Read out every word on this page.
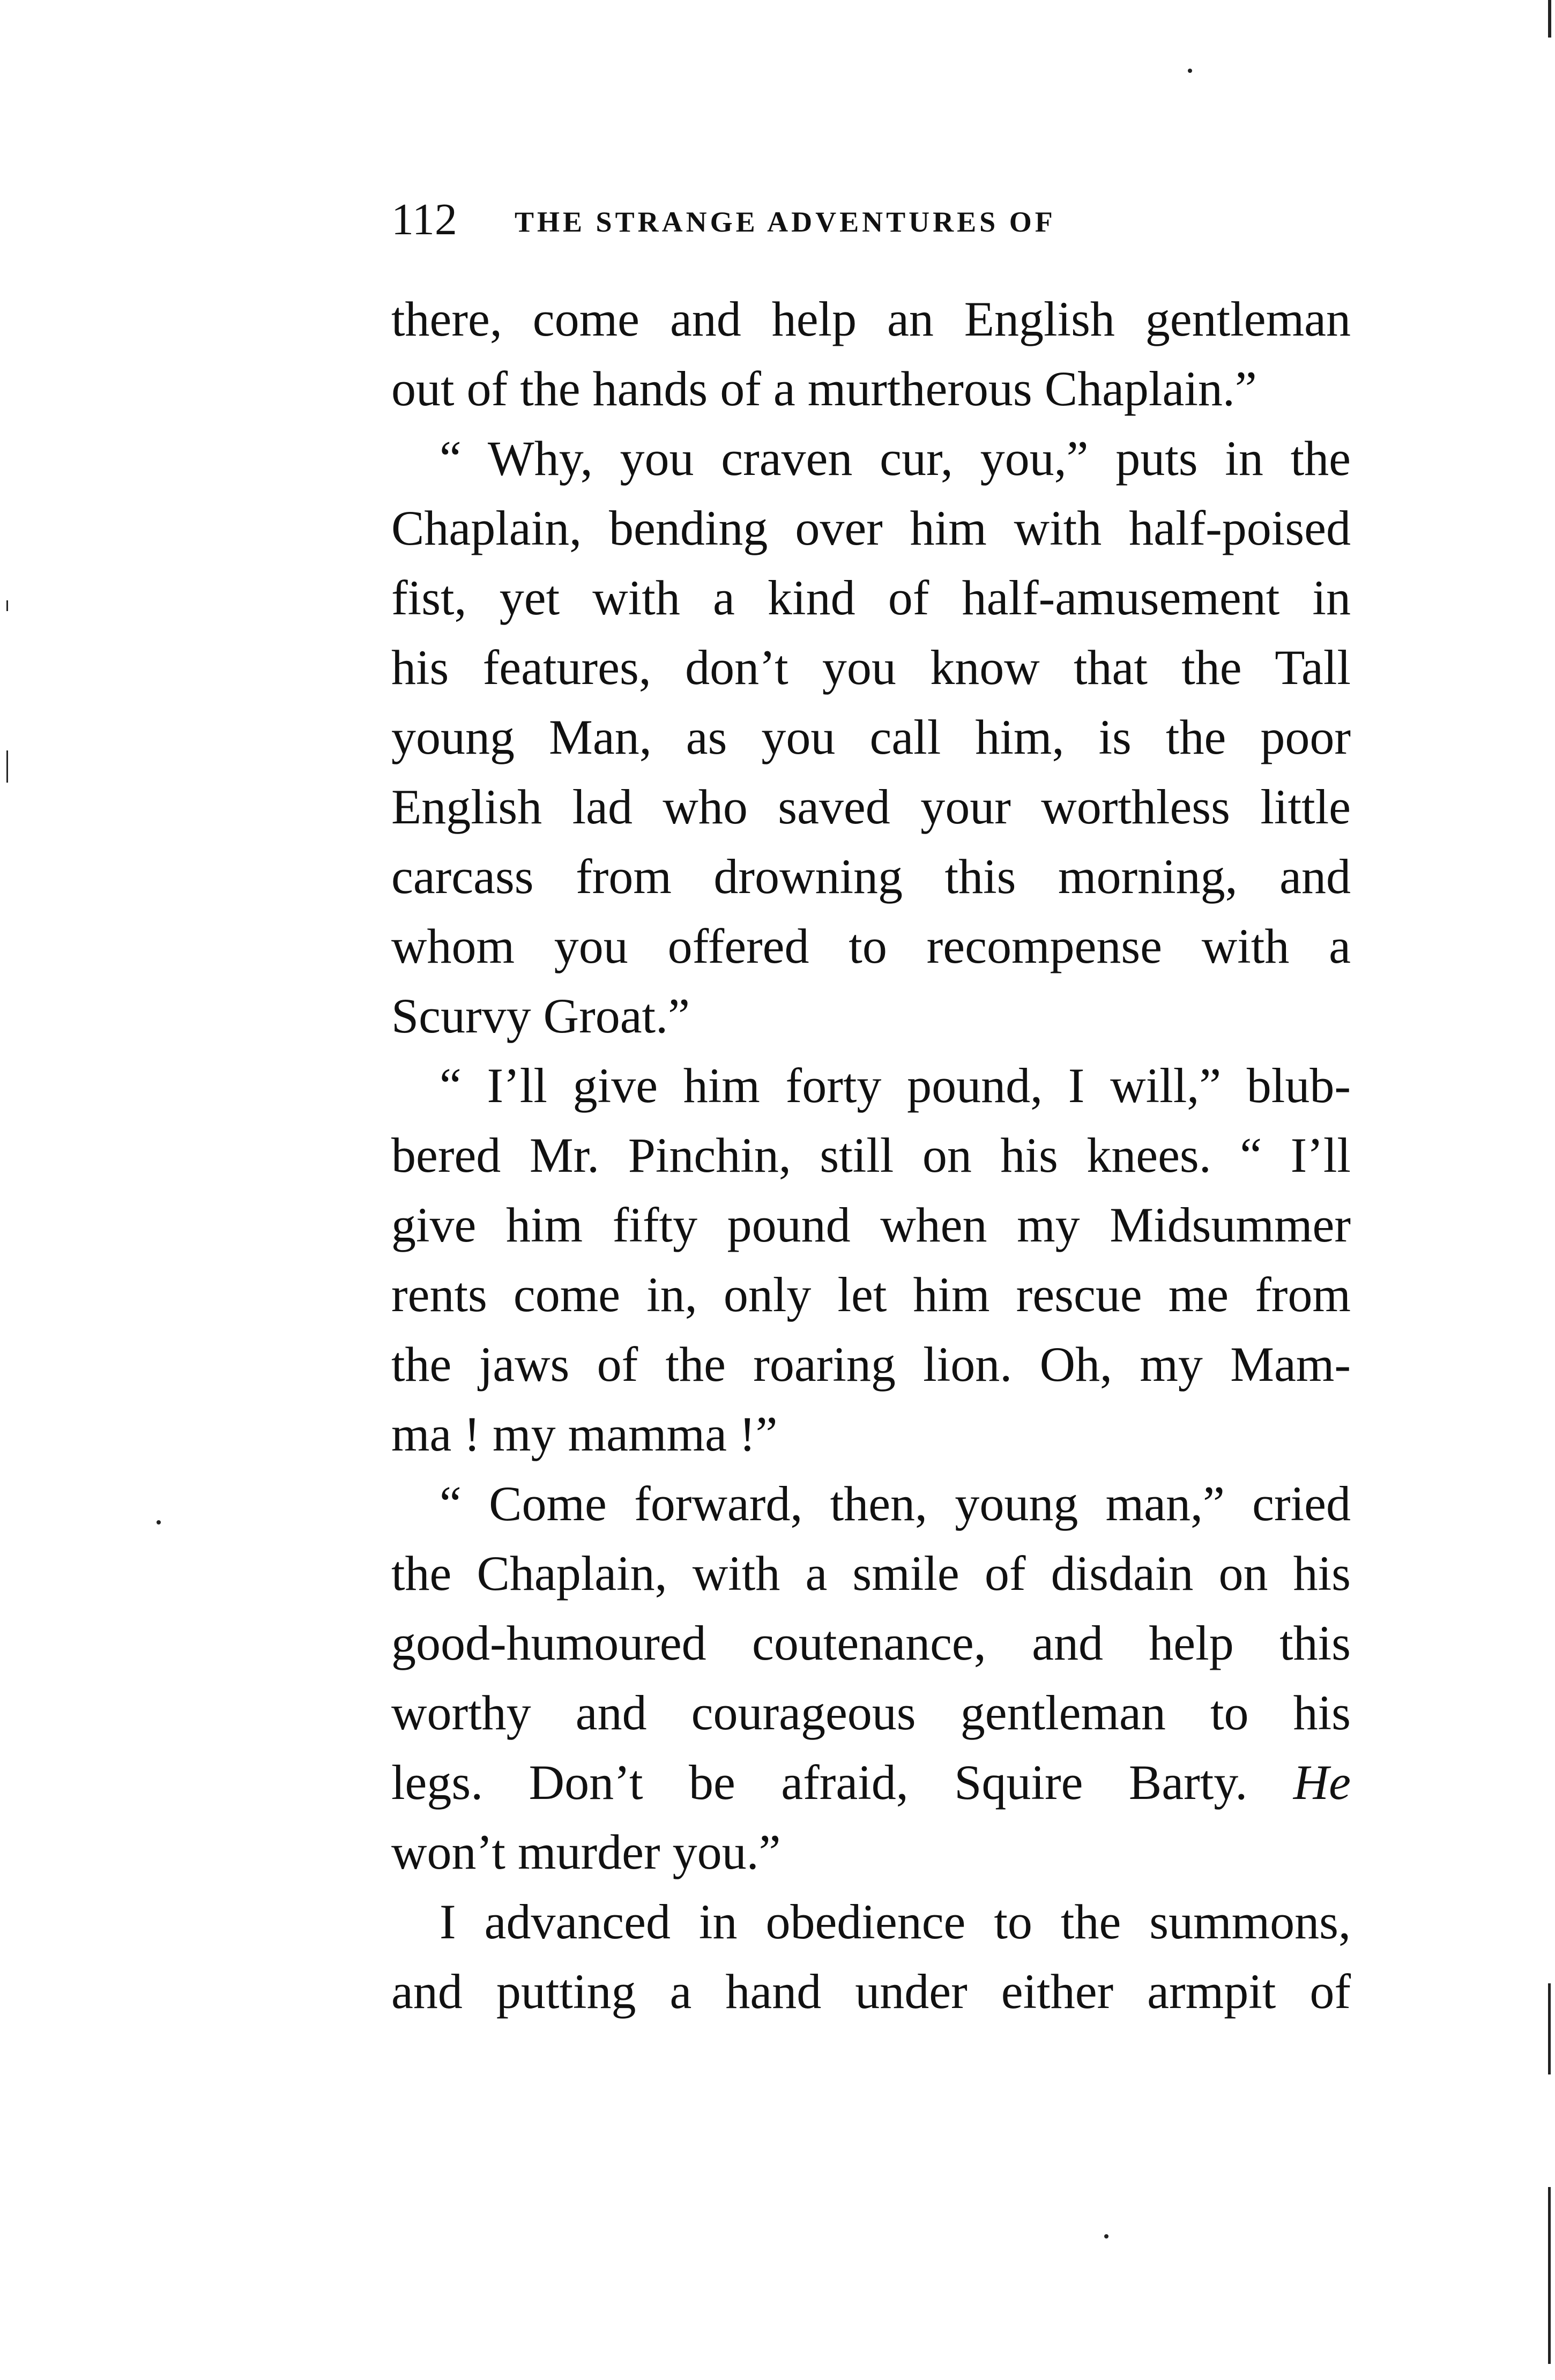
112 THE STRANGE ADVENTURES OF
there, come and help an English gentleman
out of the hands of a murtherous Chaplain.”
“ Why, you craven cur, you,” puts in the
Chaplain, bending over him with half-poised
fist, yet with a kind of half-amusement in
his features, don’t you know that the Tall
young Man, as you call him, is the poor
English lad who saved your worthless little
carcass from drowning this morning, and
whom you offered to recompense with a
Scurvy Groat.”
“ I’ll give him forty pound, I will,” blub-
bered Mr. Pinchin, still on his knees. “ I’ll
give him fifty pound when my Midsummer
rents come in, only let him rescue me from
the jaws of the roaring lion. Oh, my Mam-
ma ! my mamma !”
“ Come forward, then, young man,” cried
the Chaplain, with a smile of disdain on his
good-humoured coutenance, and help this
worthy and courageous gentleman to his
legs. Don’t be afraid, Squire Barty. He
won’t murder you.”
I advanced in obedience to the summons,
and putting a hand under either armpit of
